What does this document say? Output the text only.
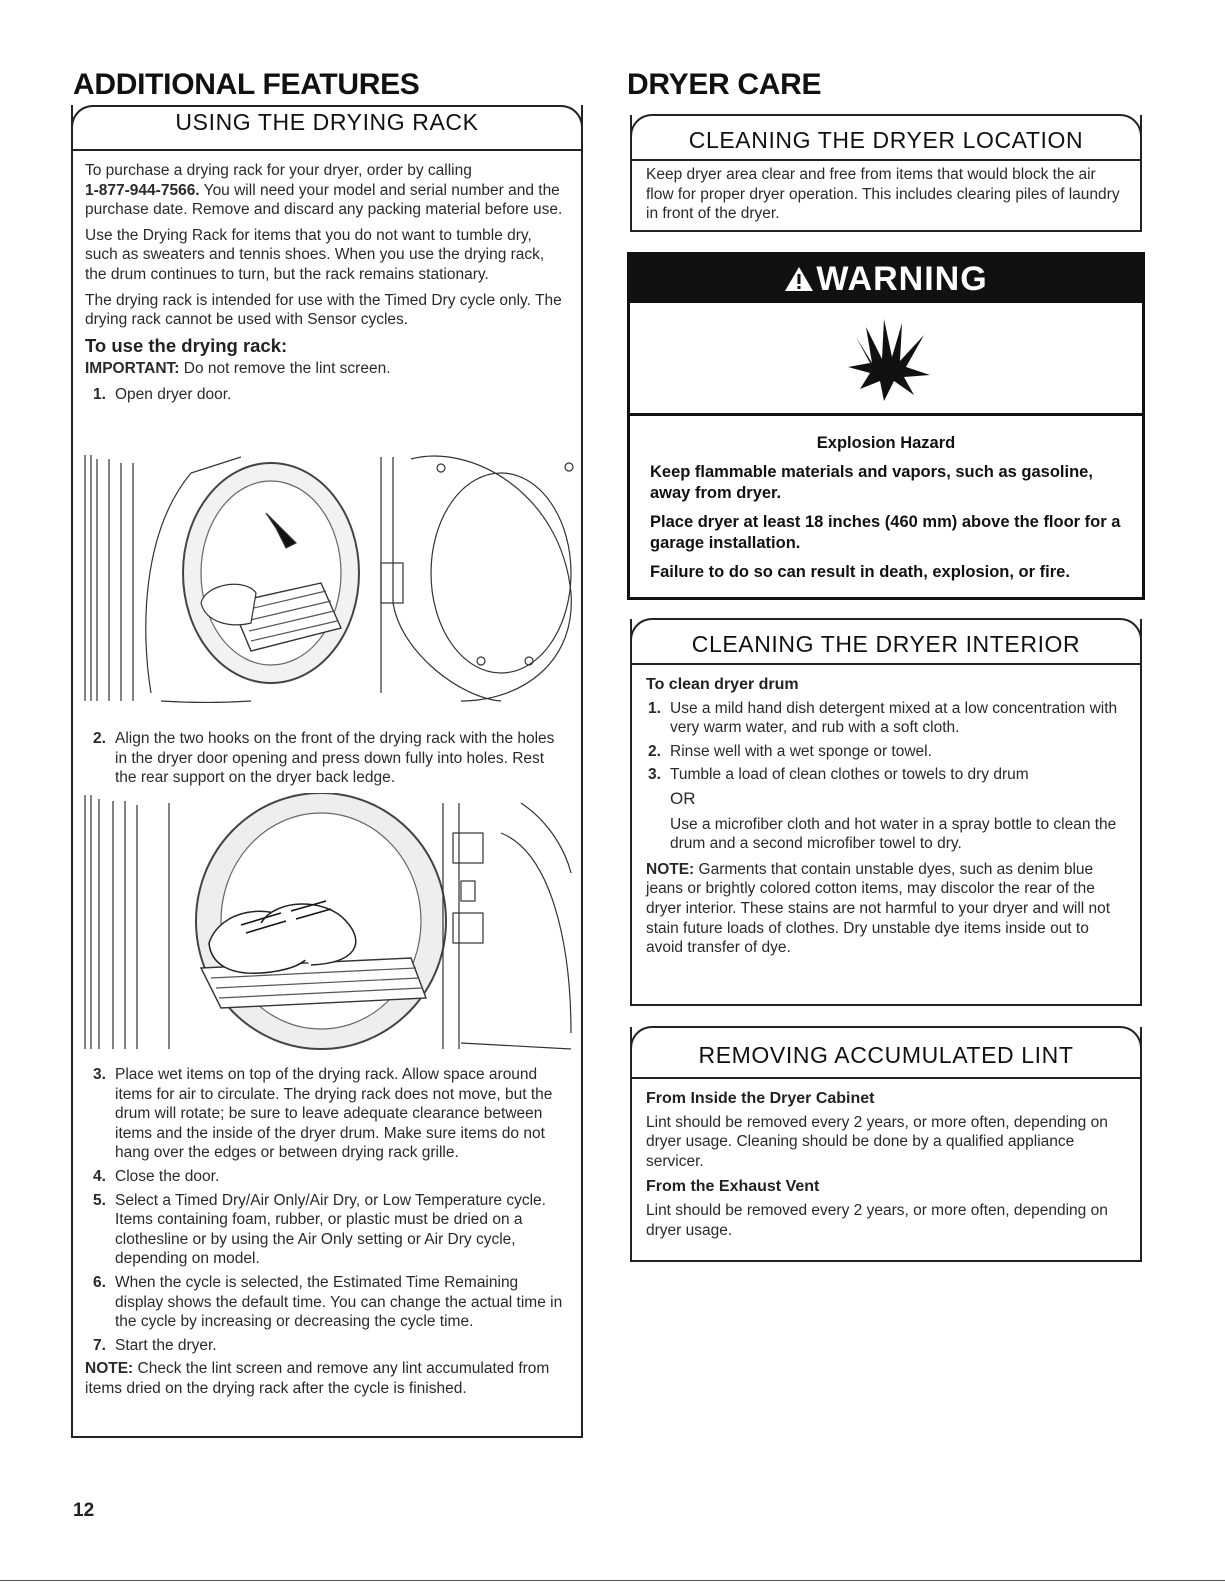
ADDITIONAL FEATURES
USING THE DRYING RACK

To purchase a drying rack for your dryer, order by calling
1-877-944-7566. You will need your model and serial number and the purchase date. Remove and discard any packing material before use.

Use the Drying Rack for items that you do not want to tumble dry, such as sweaters and tennis shoes. When you use the drying rack, the drum continues to turn, but the rack remains stationary.

The drying rack is intended for use with the Timed Dry cycle only. The drying rack cannot be used with Sensor cycles.

To use the drying rack:

IMPORTANT: Do not remove the lint screen.

1. Open dryer door.
2. Align the two hooks on the front of the drying rack with the holes in the dryer door opening and press down fully into holes. Rest the rear support on the dryer back ledge.
3. Place wet items on top of the drying rack. Allow space around items for air to circulate. The drying rack does not move, but the drum will rotate; be sure to leave adequate clearance between items and the inside of the dryer drum. Make sure items do not hang over the edges or between drying rack grille.
4. Close the door.
5. Select a Timed Dry/Air Only/Air Dry, or Low Temperature cycle. Items containing foam, rubber, or plastic must be dried on a clothesline or by using the Air Only setting or Air Dry cycle, depending on model.
6. When the cycle is selected, the Estimated Time Remaining display shows the default time. You can change the actual time in the cycle by increasing or decreasing the cycle time.
7. Start the dryer.

NOTE: Check the lint screen and remove any lint accumulated from items dried on the drying rack after the cycle is finished.

DRYER CARE
CLEANING THE DRYER LOCATION
Keep dryer area clear and free from items that would block the air flow for proper dryer operation. This includes clearing piles of laundry in front of the dryer.
WARNING

Explosion Hazard

Keep flammable materials and vapors, such as gasoline, away from dryer.

Place dryer at least 18 inches (460 mm) above the floor for a garage installation.

Failure to do so can result in death, explosion, or fire.

CLEANING THE DRYER INTERIOR
To clean dryer drum
1. Use a mild hand dish detergent mixed at a low concentration with very warm water, and rub with a soft cloth.
2. Rinse well with a wet sponge or towel.
3. Tumble a load of clean clothes or towels to dry drum

OR

Use a microfiber cloth and hot water in a spray bottle to clean the drum and a second microfiber towel to dry.

NOTE: Garments that contain unstable dyes, such as denim blue jeans or brightly colored cotton items, may discolor the rear of the dryer interior. These stains are not harmful to your dryer and will not stain future loads of clothes. Dry unstable dye items inside out to avoid transfer of dye.

REMOVING ACCUMULATED LINT
From Inside the Dryer Cabinet

Lint should be removed every 2 years, or more often, depending on dryer usage. Cleaning should be done by a qualified appliance servicer.

From the Exhaust Vent

Lint should be removed every 2 years, or more often, depending on dryer usage.

12
